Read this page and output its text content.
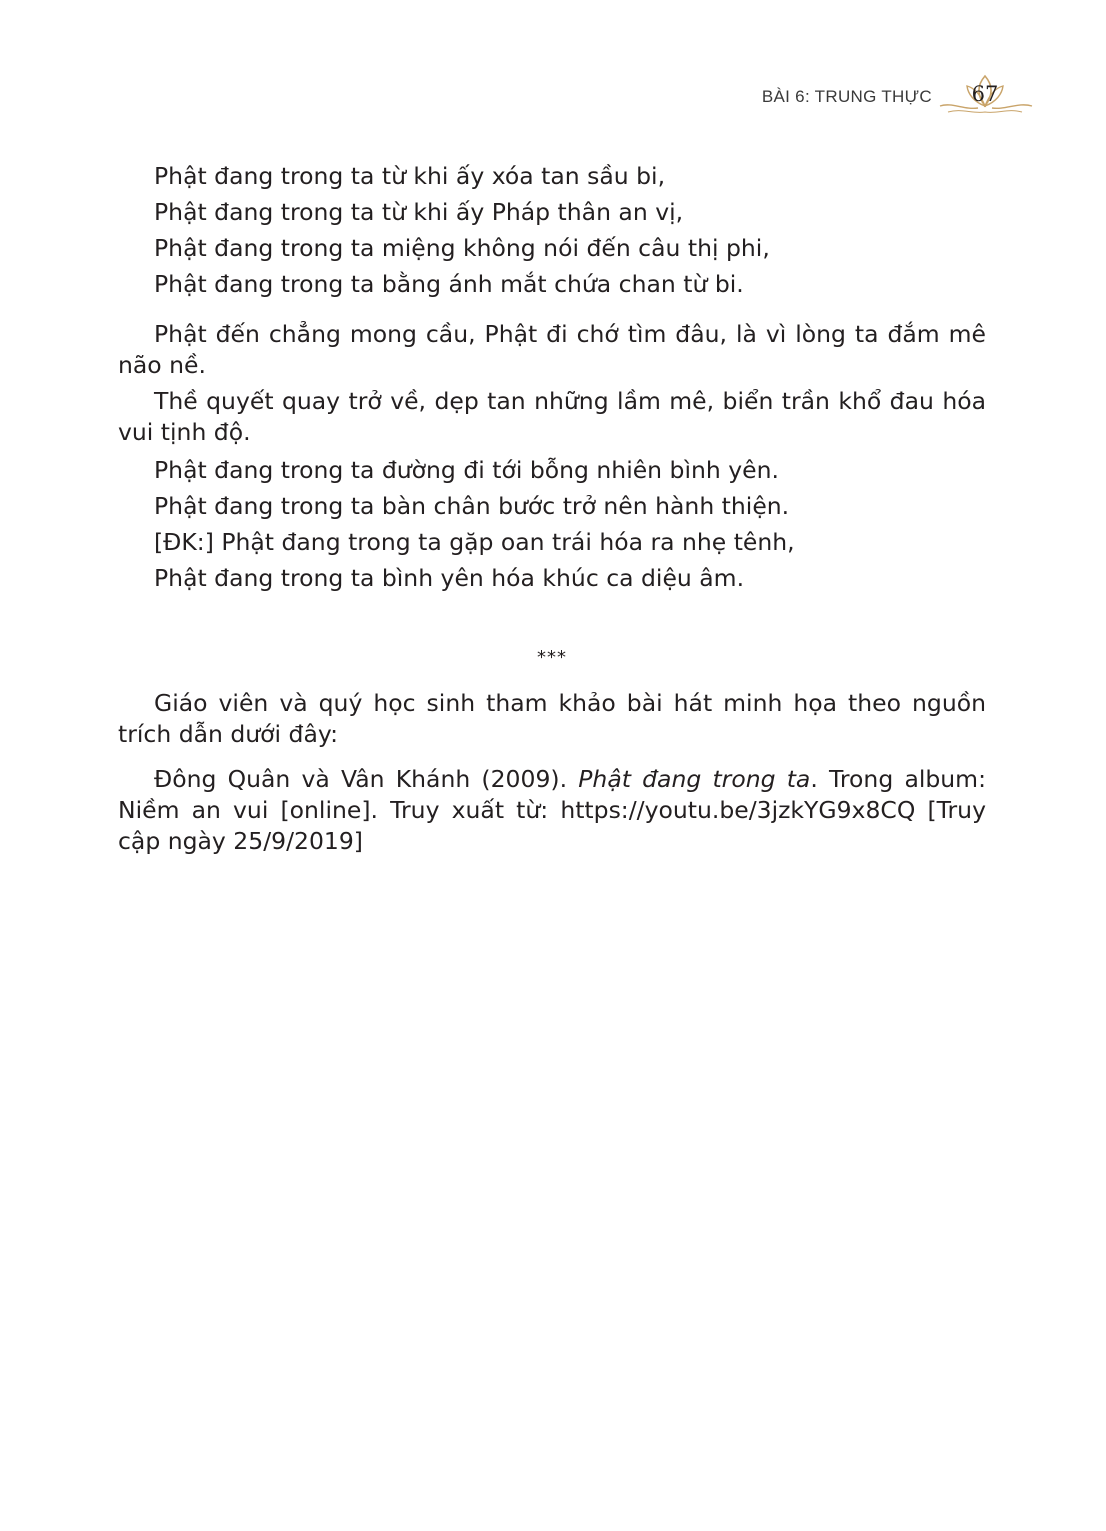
BÀI 6: TRUNG THỰC 67

Phật đang trong ta từ khi ấy xóa tan sầu bi,

Phật đang trong ta từ khi ấy Pháp thân an vị,

Phật đang trong ta miệng không nói đến câu thị phi,

Phật đang trong ta bằng ánh mắt chứa chan từ bi.

Phật đến chẳng mong cầu, Phật đi chớ tìm đâu, là vì lòng ta đắm mê não nề.

Thề quyết quay trở về, dẹp tan những lầm mê, biển trần khổ đau hóa vui tịnh độ.

Phật đang trong ta đường đi tới bỗng nhiên bình yên.

Phật đang trong ta bàn chân bước trở nên hành thiện.

[ĐK:] Phật đang trong ta gặp oan trái hóa ra nhẹ tênh,

Phật đang trong ta bình yên hóa khúc ca diệu âm.

***

Giáo viên và quý học sinh tham khảo bài hát minh họa theo nguồn trích dẫn dưới đây:

Đông Quân và Vân Khánh (2009). Phật đang trong ta. Trong album: Niềm an vui [online]. Truy xuất từ: https://youtu.be/3jzkYG9x8CQ [Truy cập ngày 25/9/2019]
